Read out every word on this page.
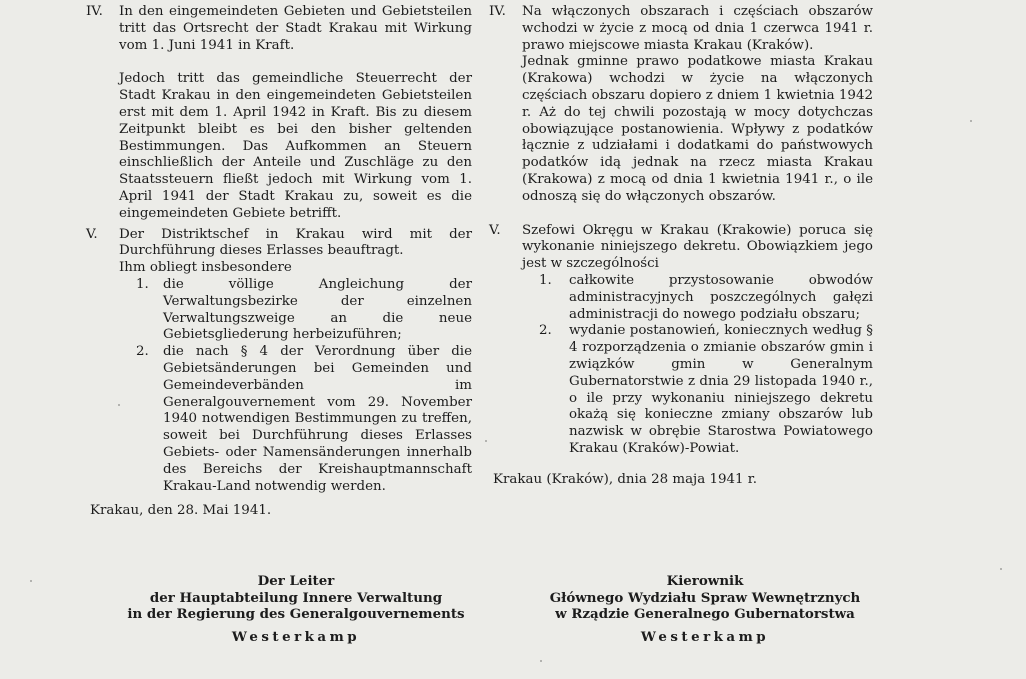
IV. In den eingemeindeten Gebieten und Gebietsteilen tritt das Ortsrecht der Stadt Krakau mit Wirkung vom 1. Juni 1941 in Kraft.

Jedoch tritt das gemeindliche Steuerrecht der Stadt Krakau in den eingemeindeten Gebietsteilen erst mit dem 1. April 1942 in Kraft. Bis zu diesem Zeitpunkt bleibt es bei den bisher geltenden Bestimmungen. Das Aufkommen an Steuern einschließlich der Anteile und Zuschläge zu den Staatssteuern fließt jedoch mit Wirkung vom 1. April 1941 der Stadt Krakau zu, soweit es die eingemeindeten Gebiete betrifft.

V. Der Distriktschef in Krakau wird mit der Durchführung dieses Erlasses beauftragt.

Ihm obliegt insbesondere
1. die völlige Angleichung der Verwaltungsbezirke der einzelnen Verwaltungszweige an die neue Gebietsgliederung herbeizuführen;
2. die nach § 4 der Verordnung über die Gebietsänderungen bei Gemeinden und Gemeindeverbänden im Generalgouvernement vom 29. November 1940 notwendigen Bestimmungen zu treffen, soweit bei Durchführung dieses Erlasses Gebiets- oder Namensänderungen innerhalb des Bereichs der Kreishauptmannschaft Krakau-Land notwendig werden.
Krakau, den 28. Mai 1941.
IV. Na włączonych obszarach i częściach obszarów wchodzi w życie z mocą od dnia 1 czerwca 1941 r. prawo miejscowe miasta Krakau (Kraków).

Jednak gminne prawo podatkowe miasta Krakau (Krakowa) wchodzi w życie na włączonych częściach obszaru dopiero z dniem 1 kwietnia 1942 r. Aż do tej chwili pozostają w mocy dotychczas obowiązujące postanowienia. Wpływy z podatków łącznie z udziałami i dodatkami do państwowych podatków idą jednak na rzecz miasta Krakau (Krakowa) z mocą od dnia 1 kwietnia 1941 r., o ile odnoszą się do włączonych obszarów.

V. Szefowi Okręgu w Krakau (Krakowie) poruca się wykonanie niniejszego dekretu. Obowiązkiem jego jest w szczególności

1. całkowite przystosowanie obwodów administracyjnych poszczególnych gałęzi administracji do nowego podziału obszaru;
2. wydanie postanowień, koniecznych według § 4 rozporządzenia o zmianie obszarów gmin i związków gmin w Generalnym Gubernatorstwie z dnia 29 listopada 1940 r., o ile przy wykonaniu niniejszego dekretu okażą się konieczne zmiany obszarów lub nazwisk w obrębie Starostwa Powiatowego Krakau (Kraków)-Powiat.
Krakau (Kraków), dnia 28 maja 1941 r.
Der Leiter
der Hauptabteilung Innere Verwaltung
in der Regierung des Generalgouvernements
Westerkamp
Kierownik
Głównego Wydziału Spraw Wewnętrznych
w Rządzie Generalnego Gubernatorstwa
Westerkamp
